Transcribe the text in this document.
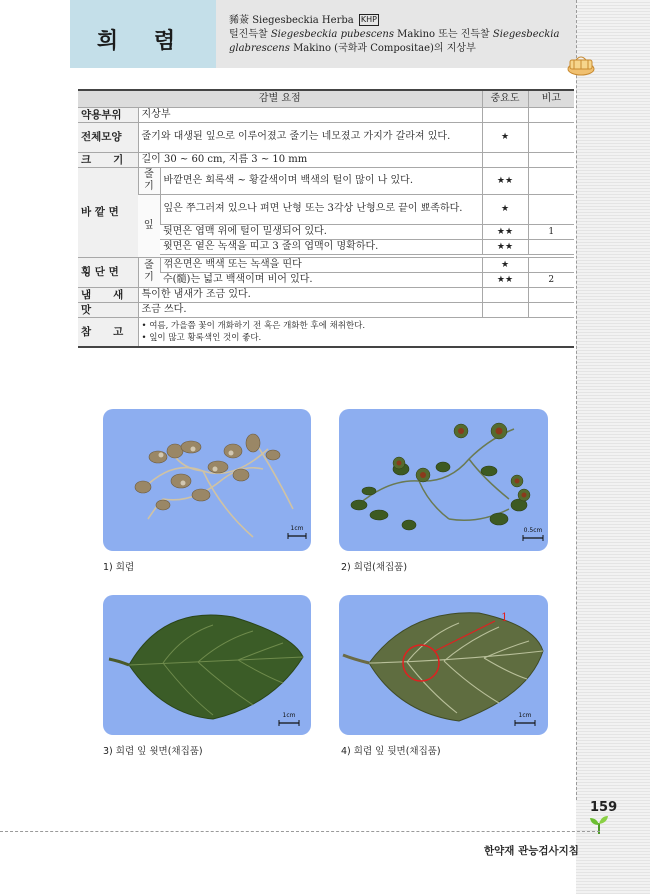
희 렴
豨薟 Siegesbeckia Herba KHP
털진득찰 Siegesbeckia pubescens Makino 또는 진득찰 Siegesbeckia
glabrescens Makino (국화과 Compositae)의 지상부
감별 요점			중요도	비고
약용부위	지상부			
전체모양	줄기와 대생된 잎으로 이루어졌고 줄기는 네모졌고 가지가 갈라져 있다.		★	

크      기	길이 30 ~ 60 cm, 지름 3 ~ 10 mm			
바 깥 면	줄기	바깥면은 회록색 ~ 황갈색이며 백색의 털이 많이 나 있다.	★★	
	잎	잎은 쭈그러져 있으나 펴면 난형 또는 3각상 난형으로 끝이 뾰족하다.	★	
		뒷면은 엽맥 위에 털이 밀생되어 있다.	★★	1
		윗면은 옅은 녹색을 띠고 3 줄의 엽맥이 명확하다.	★★	

횡 단 면	줄기	꺾은면은 백색 또는 녹색을 띤다	★	
		수(髓)는 넓고 백색이며 비어 있다.	★★	2

냄      새	특이한 냄새가 조금 있다.			
맛	조금 쓰다.			

참      고	• 여름, 가을쯤 꽃이 개화하기 전 혹은 개화한 후에 채취한다.
• 잎이 많고 황록색인 것이 좋다.			
1cm
1) 희렴
0.5cm
2) 희렴(채집품)
1cm
3) 희렴 잎 윗면(채집품)
1
1cm
4) 희렴 잎 뒷면(채집품)
159
한약재 관능검사지침
